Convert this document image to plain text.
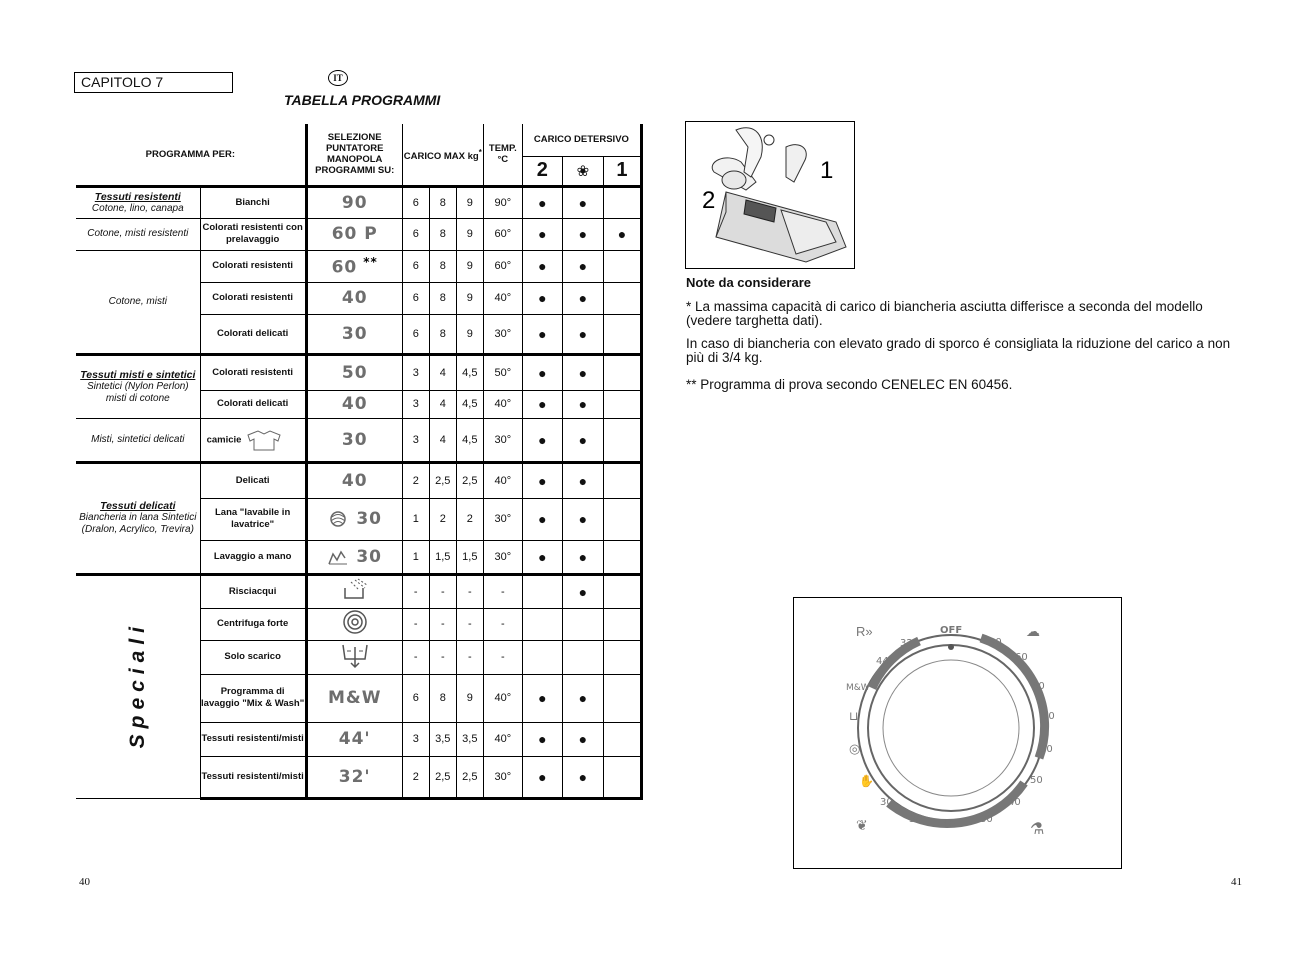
CAPITOLO 7	IT
TABELLA PROGRAMMI
PROGRAMMA PER:		SELEZIONE PUNTATORE MANOPOLA PROGRAMMI SU:	CARICO MAX kg*			TEMP. °C	CARICO DETERSIVO		
							2	❀	1

Tessuti resistenti
Cotone, lino, canapa	Bianchi	90	6	8	9	90°	●	●	
Cotone, misti resistenti	Colorati resistenti con prelavaggio	60 P	6	8	9	60°	●	●	●
Cotone, misti	Colorati resistenti	60 **	6	8	9	60°	●	●	
	Colorati resistenti	40	6	8	9	40°	●	●	
	Colorati delicati	30	6	8	9	30°	●	●	

Tessuti misti e sintetici
Sintetici (Nylon Perlon) misti di cotone	Colorati resistenti	50	3	4	4,5	50°	●	●	
	Colorati delicati	40	3	4	4,5	40°	●	●	
Misti, sintetici delicati	camicie	30	3	4	4,5	30°	●	●	

Tessuti delicati
Biancheria in lana Sintetici (Dralon, Acrylico, Trevira)	Delicati	40	2	2,5	2,5	40°	●	●	
	Lana "lavabile in lavatrice"	30	1	2	2	30°	●	●	
	Lavaggio a mano	30	1	1,5	1,5	30°	●	●	
Speciali	Risciacqui		-	-	-	-		●	
	Centrifuga forte		-	-	-	-			
	Solo scarico		-	-	-	-			
	Programma di lavaggio "Mix & Wash"	M&W	6	8	9	40°	●	●	
	Tessuti resistenti/misti	44'	3	3,5	3,5	40°	●	●	
	Tessuti resistenti/misti	32'	2	2,5	2,5	30°	●	●	
1
2
Note da considerare
* La massima capacità di carico di biancheria asciutta differisce a seconda del modello (vedere targhetta dati).
In caso di biancheria con elevato grado di sporco é consigliata la riduzione del carico a non più di 3/4 kg.
** Programma di prova secondo CENELEC EN 60456.
OFF
90
60
P
60
40
30
50
40
30
40
30
30
32'
44'
M&W
R»	☁
⊔
◎
✋
❦	⚗
40	41
